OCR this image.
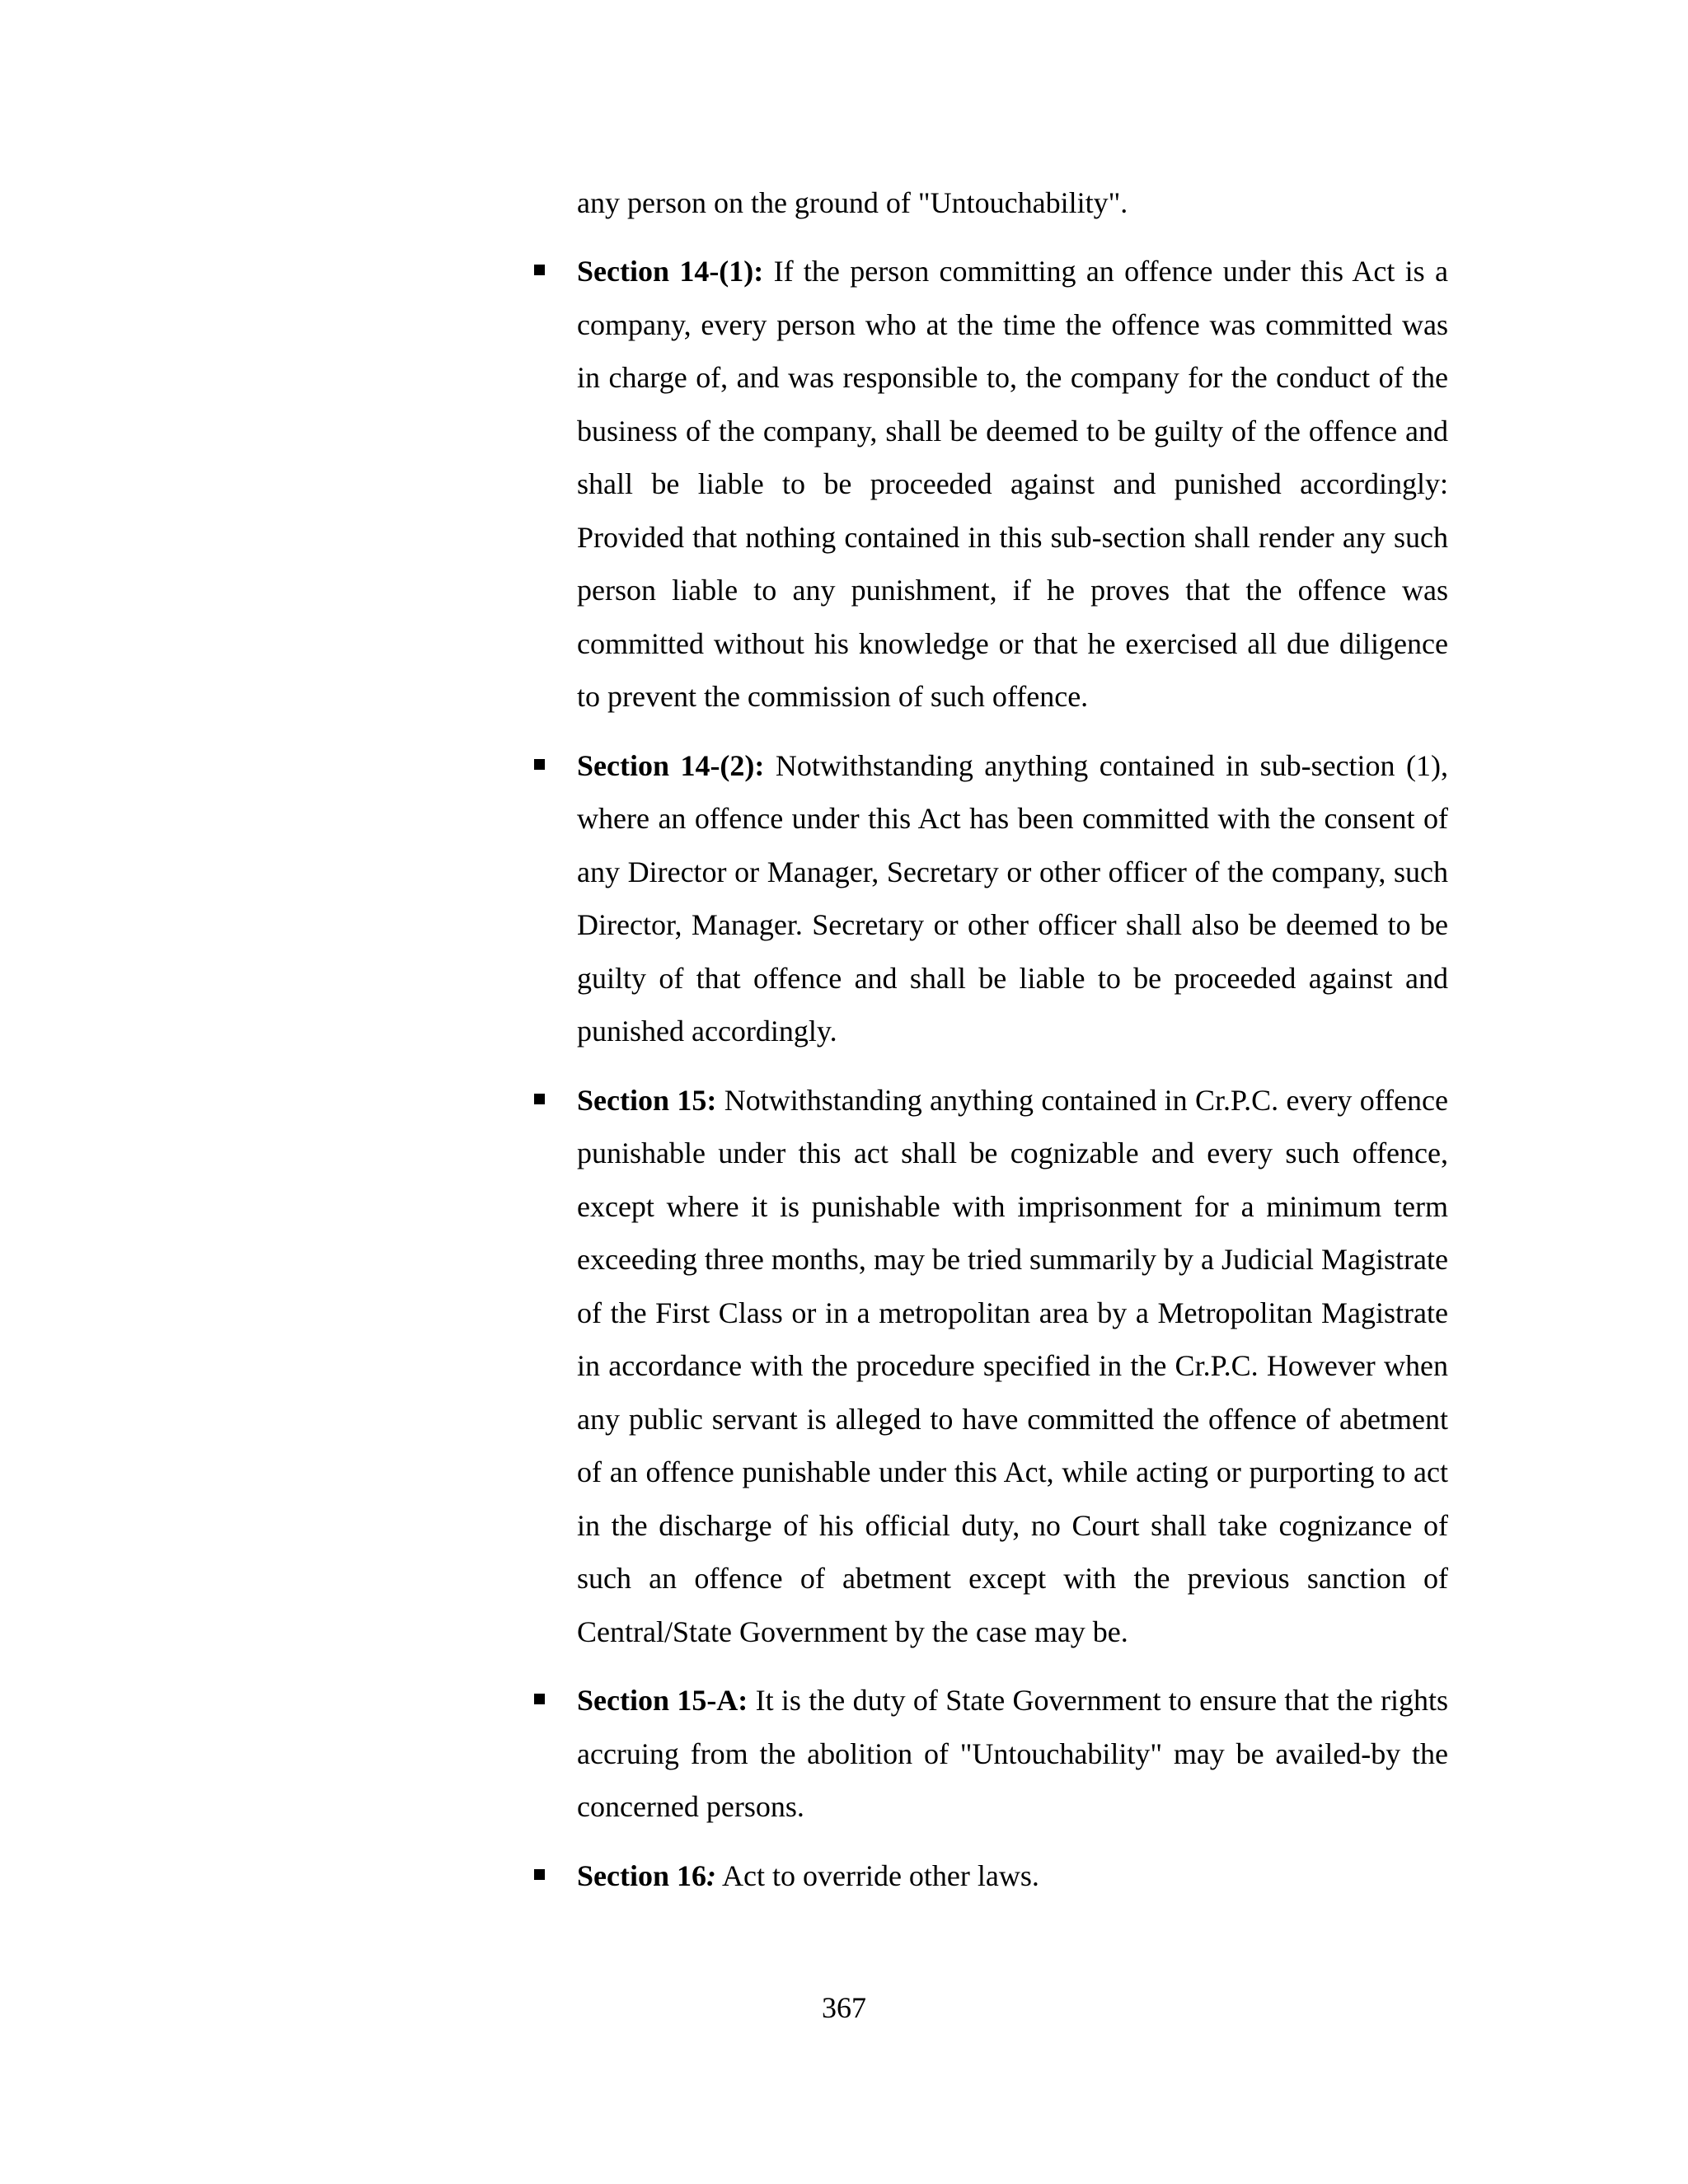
any person on the ground of "Untouchability".

Section 14-(1): If the person committing an offence under this Act is a company, every person who at the time the offence was committed was in charge of, and was responsible to, the company for the conduct of the business of the company, shall be deemed to be guilty of the offence and shall be liable to be proceeded against and punished accordingly: Provided that nothing contained in this sub-section shall render any such person liable to any punishment, if he proves that the offence was committed without his knowledge or that he exercised all due diligence to prevent the commission of such offence.
Section 14-(2): Notwithstanding anything contained in sub-section (1), where an offence under this Act has been committed with the consent of any Director or Manager, Secretary or other officer of the company, such Director, Manager. Secretary or other officer shall also be deemed to be guilty of that offence and shall be liable to be proceeded against and punished accordingly.
Section 15: Notwithstanding anything contained in Cr.P.C. every offence punishable under this act shall be cognizable and every such offence, except where it is punishable with imprisonment for a minimum term exceeding three months, may be tried summarily by a Judicial Magistrate of the First Class or in a metropolitan area by a Metropolitan Magistrate in accordance with the procedure specified in the Cr.P.C. However when any public servant is alleged to have committed the offence of abetment of an offence punishable under this Act, while acting or purporting to act in the discharge of his official duty, no Court shall take cognizance of such an offence of abetment except with the previous sanction of Central/State Government by the case may be.
Section 15-A: It is the duty of State Government to ensure that the rights accruing from the abolition of "Untouchability" may be availed-by the concerned persons.
Section 16: Act to override other laws.
367
